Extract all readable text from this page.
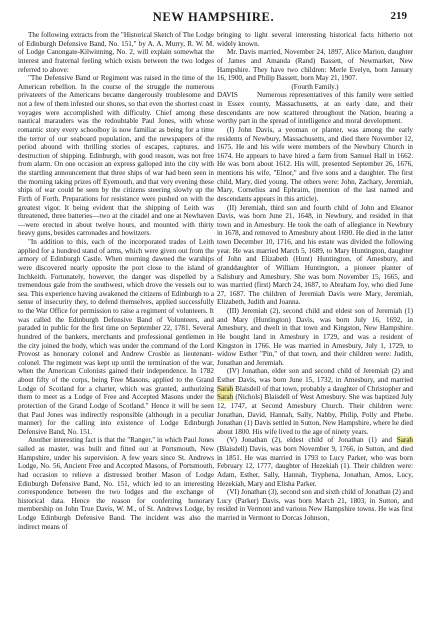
NEW HAMPSHIRE.	219

The following extracts from the "Historical Sketch of The Lodge of Edinburgh Defensive Band, No. 151," by A. A. Murry, R. W. M. of Lodge Canongate-Kilwinning, No. 2, will explain somewhat the interest and fraternal feeling which exists between the two lodges referred to above:

"The Defensive Band or Regiment was raised in the time of the American rebellion. In the course of the struggle the numerous privateers of the Americans became dangerously troublesome and not a few of them infested our shores, so that even the shortest coast voyages were accomplished with difficulty. Chief among these nautical marauders was the redoubtable Paul Jones, with whose romantic story every schoolboy is now familiar as being for a time the terror of our seaboard population, and the newspapers of the period abound with thrilling stories of escapes, captures, and destruction of shipping. Edinburgh, with good reason, was not free from alarm. On one occasion an express galloped into the city with the startling announcement that three ships of war had been seen in the morning taking prizes off Eyemouth, and that very evening these ships of war could be seen by the citizens steering slowly up the Firth of Forth. Preparations for resistance were pushed on with the greatest vigor. It being evident that the shipping of Leith was threatened, three batteries—two at the citadel and one at Newhaven—were erected in about twelve hours, and mounted with thirty heavy guns, besides carronades and howitzers.

"In addition to this, each of the incorporated trades of Leith applied for a hundred stand of arms, which were given out from the armory of Edinburgh Castle. When morning dawned the warships were discovered nearly opposite the port close to the island of Inchkeith. Fortunately, however, the danger was dispelled by a tremendous gale from the southwest, which drove the vessels out to sea. This experience having awakened the citizens of Edinburgh to a sense of insecurity they, to defend themselves, applied successfully to the War Office for permission to raise a regiment of volunteers. It was called the Edinburgh Defensive Band of Volunteers, and paraded in public for the first time on September 22, 1781. Several hundred of the bankers, merchants and professional gentlemen in the city joined the body, which was under the command of the Lord Provost as honorary colonel and Andrew Crosbie as lieutenant-colonel. The regiment was kept up until the termination of the war, when the American Colonists gained their independence. In 1782 about fifty of the corps, being Free Masons, applied to the Grand Lodge of Scotland for a charter, which was granted, authorizing them to meet as a Lodge of Free and Accepted Masons under the protection of the Grand Lodge of Scotland." Hence it will be seen that Paul Jones was indirectly responsible (although in a peculiar manner) for the calling into existence of Lodge Edinburgh Defensive Band, No. 151.

Another interesting fact is that the "Ranger," in which Paul Jones sailed as master, was built and fitted out at Portsmouth, New Hampshire, under his supervision. A few years since St. Andrews Lodge, No. 56, Ancient Free and Accepted Masons, of Portsmouth, had occasion to relieve a distressed brother Mason of Lodge Edinburgh Defensive Band, No. 151, which led to an interesting correspondence between the two lodges and the exchange of historical data. Hence the reason for conferring honorary membership on John True Davis, W. M., of St. Andrews Lodge, by Lodge Edinburgh Defensive Band. The incident was also the indirect means of

bringing to light several interesting historical facts hitherto not widely known.

Mr. Davis married, November 24, 1897, Alice Marion, daughter of James and Amanda (Rand) Bassett, of Newmarket, New Hampshire. They have two children: Merle Evelyn, born January 16, 1900, and Philip Bassett, born May 21, 1907.

(Fourth Family.)

DAVIS	Numerous representatives of this family were settled in Essex county, Massachusetts, at an early date, and their descendants are now scattered throughout the Nation, bearing a worthy part in the spread of intelligence and moral development.

(I) John Davis, a yeoman or planter, was among the early residents of Newbury, Massachusetts, and died there November 12, 1675. He and his wife were members of the Newbury Church in 1674. He appears to have hired a farm from Samuel Hall in 1662. He was born about 1612. His will, presented September 26, 1676, mentions his wife, "Elnor," and five sons and a daughter. The first child, Mary, died young. The others were: John, Zachary, Jeremiah, Mary, Cornelius and Ephraim, (mention of the last named and descendants appears in this article).

(II) Jeremiah, third son and fourth child of John and Eleanor Davis, was born June 21, 1648, in Newbury, and resided in that town and in Amesbury. He took the oath of allegiance in Newbury in 1678, and removed to Amesbury about 1690. He died in the latter town December 10, 1716, and his estate was divided the following year. He was married March 5, 1689, to Mary Huntington, daughter of John and Elizabeth (Hunt) Huntington, of Amesbury, and granddaughter of William Huntington, a pioneer planter of Salisbury and Amesbury. She was born November 15, 1665, and was married (first) March 24, 1687, to Abraham Joy, who died June 27, 1687. The children of Jeremiah Davis were Mary, Jeremiah, Elizabeth, Judith and Joanna.

(III) Jeremiah (2), second child and eldest son of Jeremiah (1) and Mary (Huntington) Davis, was born July 16, 1692, in Amesbury, and dwelt in that town and Kingston, New Hampshire. He bought land in Amesbury in 1729, and was a resident of Kingston in 1766. He was married in Amesbury, July 1, 1729, to widow Esther "Pin," of that town, and their children were: Judith, Jonathan and Jeremiah.

(IV) Jonathan, elder son and second child of Jeremiah (2) and Esther Davis, was born June 15, 1732, in Amesbury, and married Sarah Blaisdell of that town, probably a daughter of Christopher and Sarah (Nichols) Blaisdell of West Amesbury. She was baptized July 12, 1747, at Second Amesbury Church. Their children were: Jonathan, David, Hannah, Sally, Nabby, Philip, Polly and Phebe. Jonathan (1) Davis settled in Sutton, New Hampshire, where he died about 1800. His wife lived to the age of ninety years.

(V) Jonathan (2), eldest child of Jonathan (1) and Sarah (Blaisdell) Davis, was born November 9, 1766, in Sutton, and died in 1851. He was married in 1793 to Lucy Parker, who was born February 12, 1777, daughter of Hezekiah (1). Their children were: Adam, Esther, Sally, Hannah, Tryphena, Jonathan, Amos, Lucy, Hezekiah, Mary and Elisha Parker.

(VI) Jonathan (3), second son and sixth child of Jonathan (2) and Lucy (Parker) Davis, was born March 21, 1803, in Sutton, and resided in Vermont and various New Hampshire towns. He was first married in Vermont to Dorcas Johnson,
